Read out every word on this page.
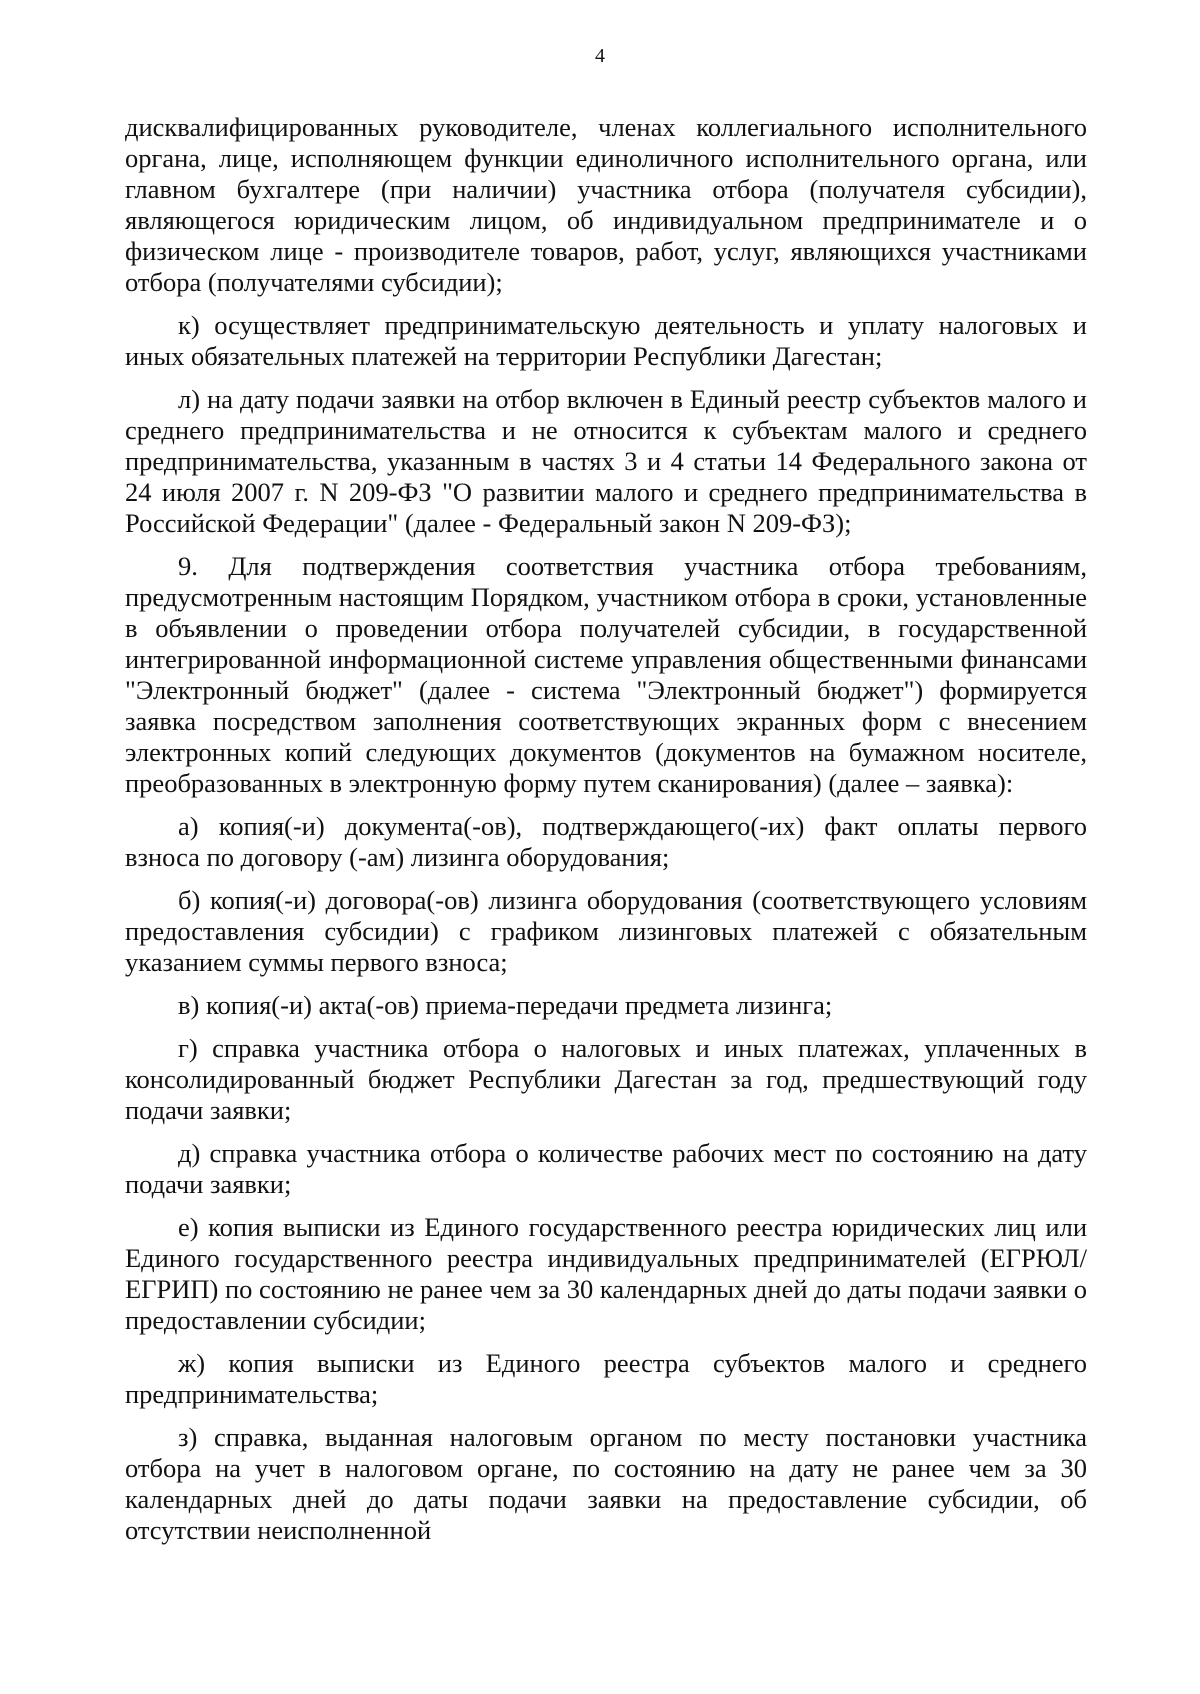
4

дисквалифицированных руководителе, членах коллегиального исполнительного органа, лице, исполняющем функции единоличного исполнительного органа, или главном бухгалтере (при наличии) участника отбора (получателя субсидии), являющегося юридическим лицом, об индивидуальном предпринимателе и о физическом лице - производителе товаров, работ, услуг, являющихся участниками отбора (получателями субсидии);

к) осуществляет предпринимательскую деятельность и уплату налоговых и иных обязательных платежей на территории Республики Дагестан;

л) на дату подачи заявки на отбор включен в Единый реестр субъектов малого и среднего предпринимательства и не относится к субъектам малого и среднего предпринимательства, указанным в частях 3 и 4 статьи 14 Федерального закона от 24 июля 2007 г. N 209-ФЗ "О развитии малого и среднего предпринимательства в Российской Федерации" (далее - Федеральный закон N 209-ФЗ);

9. Для подтверждения соответствия участника отбора требованиям, предусмотренным настоящим Порядком, участником отбора в сроки, установленные в объявлении о проведении отбора получателей субсидии, в государственной интегрированной информационной системе управления общественными финансами "Электронный бюджет" (далее - система "Электронный бюджет") формируется заявка посредством заполнения соответствующих экранных форм с внесением электронных копий следующих документов (документов на бумажном носителе, преобразованных в электронную форму путем сканирования) (далее – заявка):

а) копия(-и) документа(-ов), подтверждающего(-их) факт оплаты первого взноса по договору (-ам) лизинга оборудования;

б) копия(-и) договора(-ов) лизинга оборудования (соответствующего условиям предоставления субсидии) с графиком лизинговых платежей с обязательным указанием суммы первого взноса;

в) копия(-и) акта(-ов) приема-передачи предмета лизинга;

г) справка участника отбора о налоговых и иных платежах, уплаченных в консолидированный бюджет Республики Дагестан за год, предшествующий году подачи заявки;

д) справка участника отбора о количестве рабочих мест по состоянию на дату подачи заявки;

е) копия выписки из Единого государственного реестра юридических лиц или Единого государственного реестра индивидуальных предпринимателей (ЕГРЮЛ/ЕГРИП) по состоянию не ранее чем за 30 календарных дней до даты подачи заявки о предоставлении субсидии;

ж) копия выписки из Единого реестра субъектов малого и среднего предпринимательства;

з) справка, выданная налоговым органом по месту постановки участника отбора на учет в налоговом органе, по состоянию на дату не ранее чем за 30 календарных дней до даты подачи заявки на предоставление субсидии, об отсутствии неисполненной
